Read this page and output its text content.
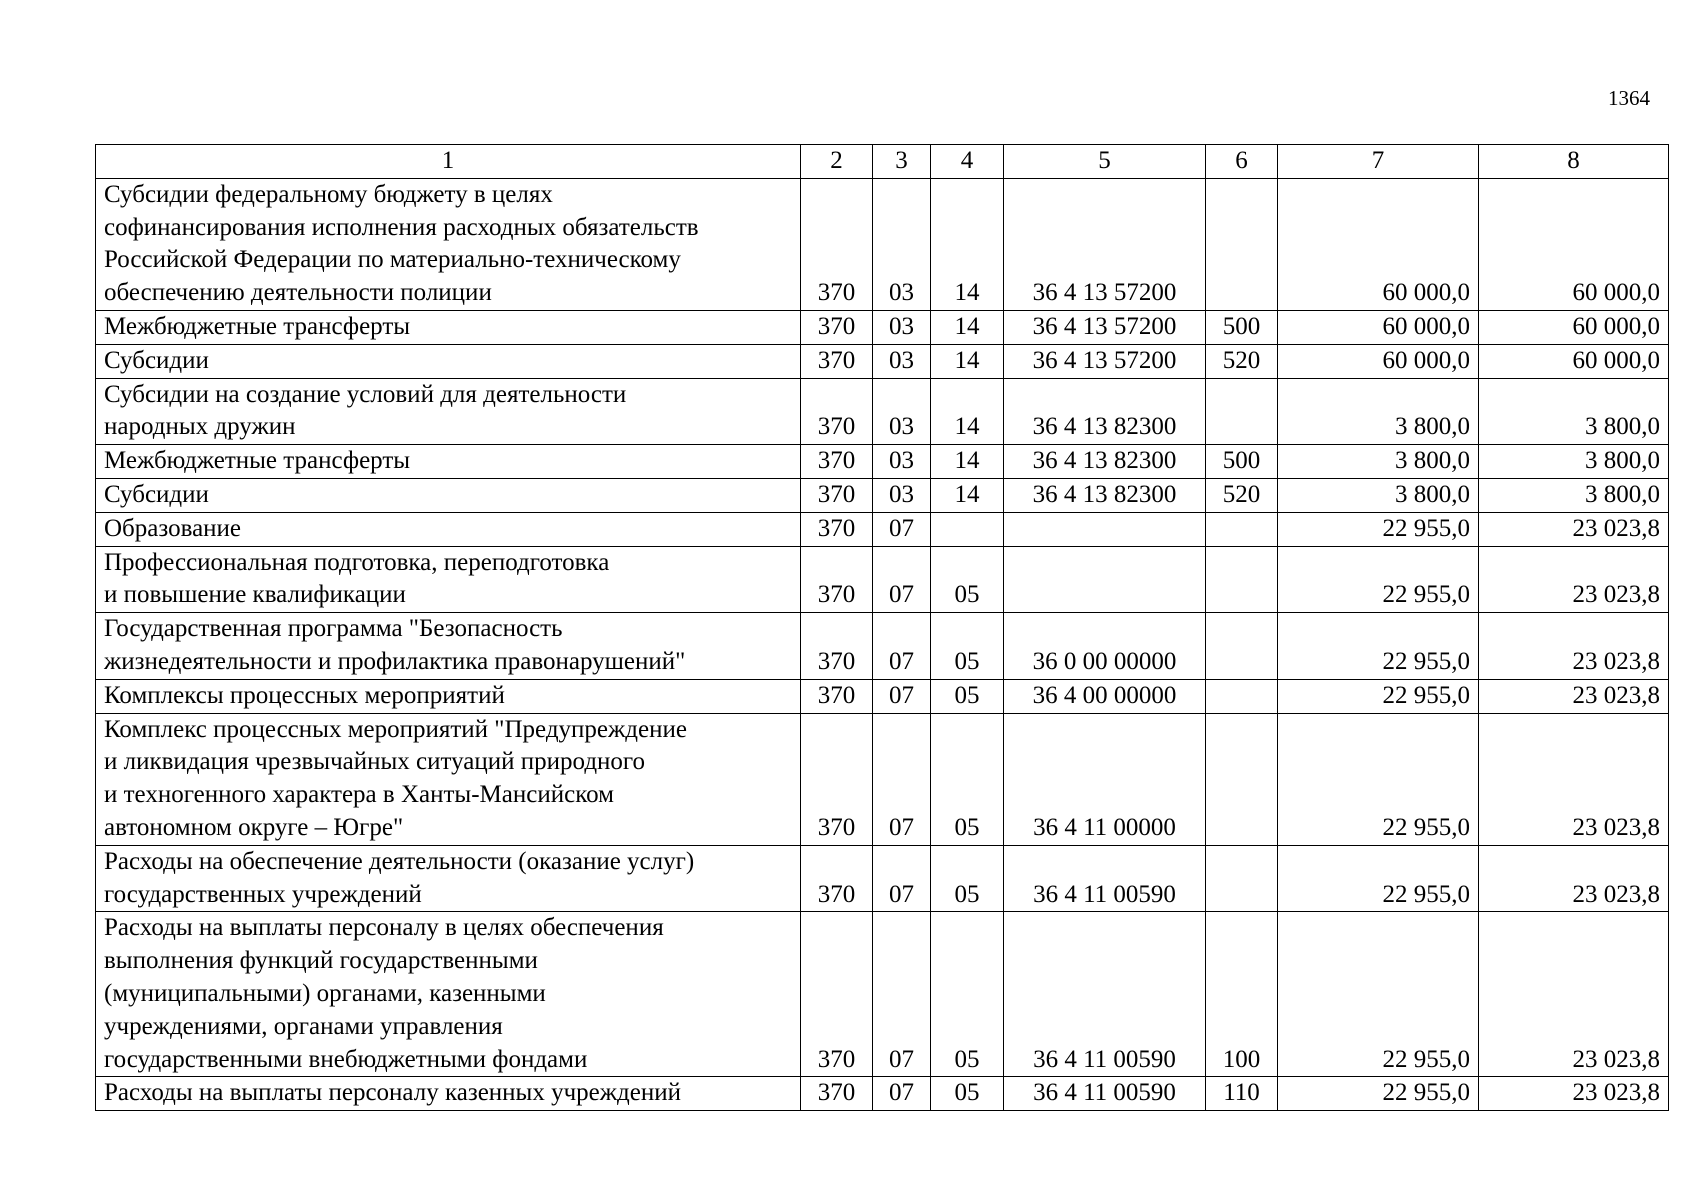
1364
1	2	3	4	5	6	7	8

Субсидии федеральному бюджету в целях
софинансирования исполнения расходных обязательств
Российской Федерации по материально-техническому
обеспечению деятельности полиции	370	03	14	36 4 13 57200		60 000,0	60 000,0

Межбюджетные трансферты	370	03	14	36 4 13 57200	500	60 000,0	60 000,0

Субсидии	370	03	14	36 4 13 57200	520	60 000,0	60 000,0

Субсидии на создание условий для деятельности
народных дружин	370	03	14	36 4 13 82300		3 800,0	3 800,0

Межбюджетные трансферты	370	03	14	36 4 13 82300	500	3 800,0	3 800,0

Субсидии	370	03	14	36 4 13 82300	520	3 800,0	3 800,0

Образование	370	07				22 955,0	23 023,8

Профессиональная подготовка, переподготовка
и повышение квалификации	370	07	05			22 955,0	23 023,8

Государственная программа "Безопасность
жизнедеятельности и профилактика правонарушений"	370	07	05	36 0 00 00000		22 955,0	23 023,8

Комплексы процессных мероприятий	370	07	05	36 4 00 00000		22 955,0	23 023,8

Комплекс процессных мероприятий "Предупреждение
и ликвидация чрезвычайных ситуаций природного
и техногенного характера в Ханты-Мансийском
автономном округе – Югре"	370	07	05	36 4 11 00000		22 955,0	23 023,8

Расходы на обеспечение деятельности (оказание услуг)
государственных учреждений	370	07	05	36 4 11 00590		22 955,0	23 023,8

Расходы на выплаты персоналу в целях обеспечения
выполнения функций государственными
(муниципальными) органами, казенными
учреждениями, органами управления
государственными внебюджетными фондами	370	07	05	36 4 11 00590	100	22 955,0	23 023,8

Расходы на выплаты персоналу казенных учреждений	370	07	05	36 4 11 00590	110	22 955,0	23 023,8
